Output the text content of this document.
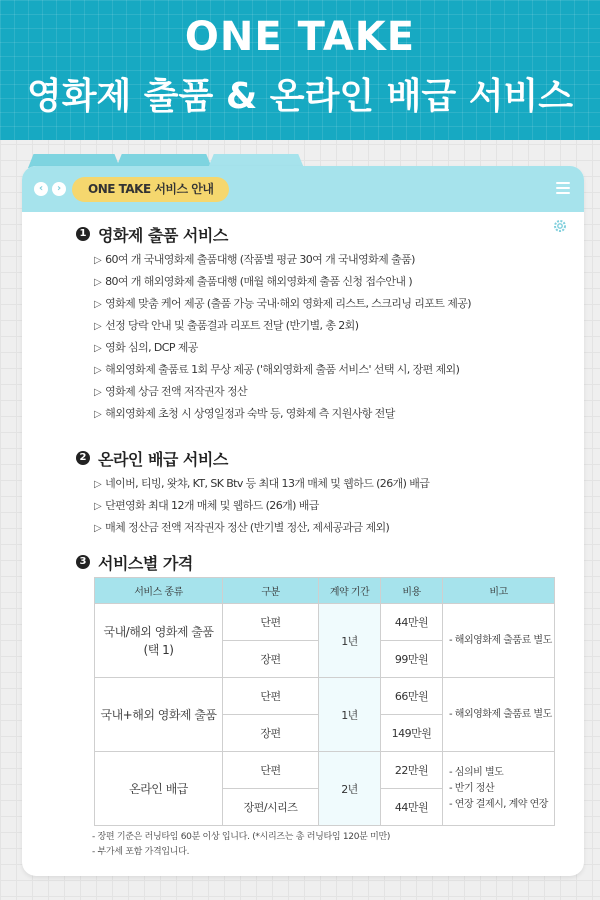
ONE TAKE
영화제 출품 & 온라인 배급 서비스
‹	›	ONE TAKE 서비스 안내
1 영화제 출품 서비스
▷ 60여 개 국내영화제 출품대행 (작품별 평균 30여 개 국내영화제 출품)
▷ 80여 개 해외영화제 출품대행 (매월 해외영화제 출품 신청 접수안내 )
▷ 영화제 맞춤 케어 제공 (출품 가능 국내·해외 영화제 리스트, 스크리닝 리포트 제공)
▷ 선정 당락 안내 및 출품결과 리포트 전달 (반기별, 총 2회)
▷ 영화 심의, DCP 제공
▷ 해외영화제 출품료 1회 무상 제공 ('해외영화제 출품 서비스' 선택 시, 장편 제외)
▷ 영화제 상금 전액 저작권자 정산
▷ 해외영화제 초청 시 상영일정과 숙박 등, 영화제 측 지원사항 전달
2 온라인 배급 서비스
▷ 네이버, 티빙, 왓챠, KT, SK Btv 등 최대 13개 매체 및 웹하드 (26개) 배급
▷ 단편영화 최대 12개 매체 및 웹하드 (26개) 배급
▷ 매체 정산금 전액 저작권자 정산 (반기별 정산, 제세공과금 제외)
3 서비스별 가격
서비스 종류	구분	계약 기간	비용	비고

국내/해외 영화제 출품
(택 1)	단편	1년	44만원	- 해외영화제 출품료 별도

	장편		99만원	

국내+해외 영화제 출품	단편	1년	66만원	- 해외영화제 출품료 별도

	장편		149만원	

온라인 배급	단편	2년	22만원	- 심의비 별도
- 반기 정산
- 연장 결제시, 계약 연장

	장편/시리즈		44만원	
- 장편 기준은 러닝타임 60분 이상 입니다. (*시리즈는 총 러닝타임 120분 미만)
- 부가세 포함 가격입니다.
